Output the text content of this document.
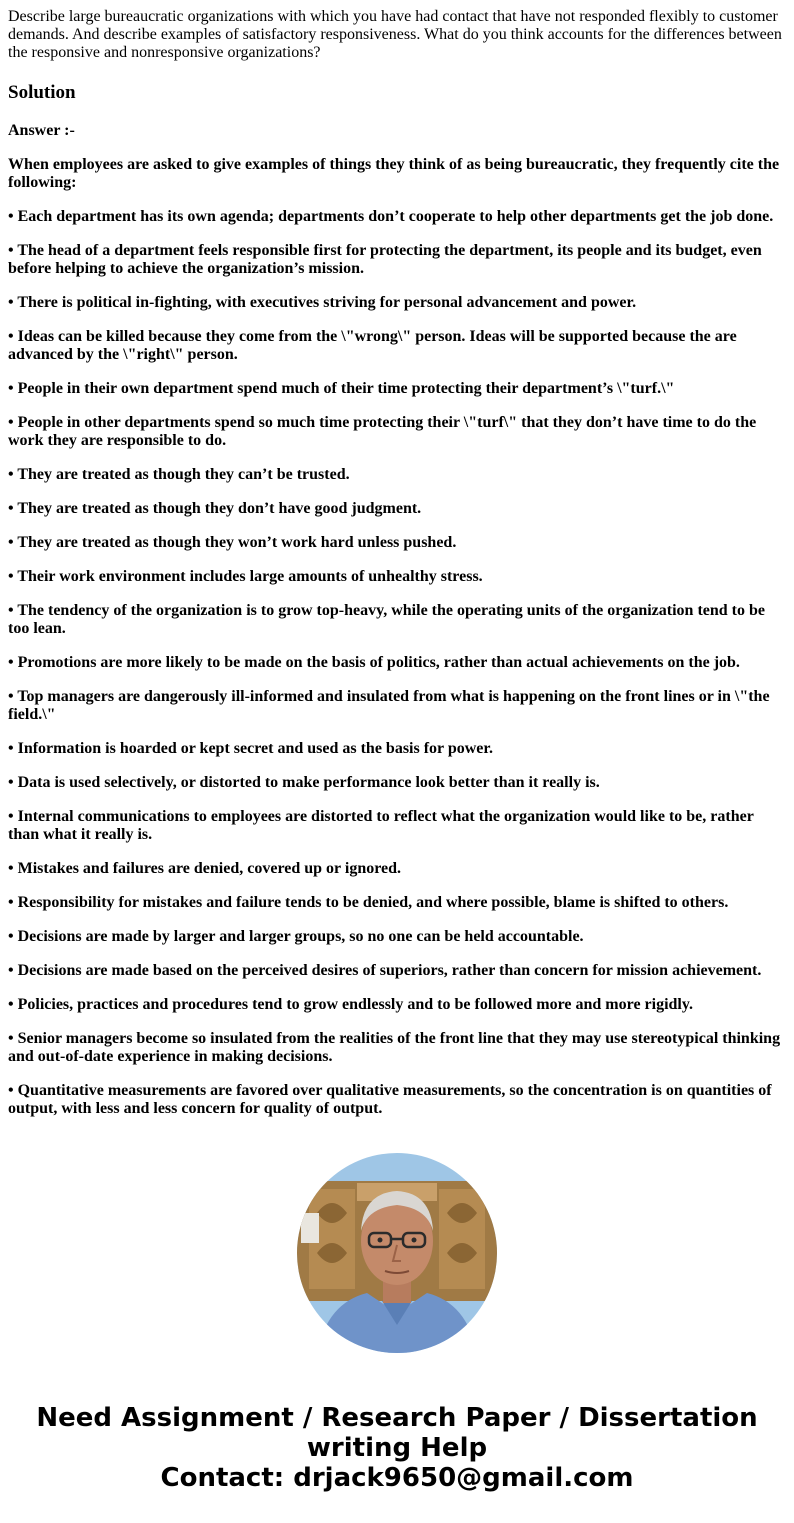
Describe large bureaucratic organizations with which you have had contact that have not responded flexibly to customer demands. And describe examples of satisfactory responsiveness. What do you think accounts for the differences between the responsive and nonresponsive organizations?

Solution

Answer :-

When employees are asked to give examples of things they think of as being bureaucratic, they frequently cite the following:

• Each department has its own agenda; departments don’t cooperate to help other departments get the job done.

• The head of a department feels responsible first for protecting the department, its people and its budget, even before helping to achieve the organization’s mission.

• There is political in-fighting, with executives striving for personal advancement and power.

• Ideas can be killed because they come from the \"wrong\" person. Ideas will be supported because the are advanced by the \"right\" person.

• People in their own department spend much of their time protecting their department’s \"turf.\"

• People in other departments spend so much time protecting their \"turf\" that they don’t have time to do the work they are responsible to do.

• They are treated as though they can’t be trusted.

• They are treated as though they don’t have good judgment.

• They are treated as though they won’t work hard unless pushed.

• Their work environment includes large amounts of unhealthy stress.

• The tendency of the organization is to grow top-heavy, while the operating units of the organization tend to be too lean.

• Promotions are more likely to be made on the basis of politics, rather than actual achievements on the job.

• Top managers are dangerously ill-informed and insulated from what is happening on the front lines or in \"the field.\"

• Information is hoarded or kept secret and used as the basis for power.

• Data is used selectively, or distorted to make performance look better than it really is.

• Internal communications to employees are distorted to reflect what the organization would like to be, rather than what it really is.

• Mistakes and failures are denied, covered up or ignored.

• Responsibility for mistakes and failure tends to be denied, and where possible, blame is shifted to others.

• Decisions are made by larger and larger groups, so no one can be held accountable.

• Decisions are made based on the perceived desires of superiors, rather than concern for mission achievement.

• Policies, practices and procedures tend to grow endlessly and to be followed more and more rigidly.

• Senior managers become so insulated from the realities of the front line that they may use stereotypical thinking and out-of-date experience in making decisions.

• Quantitative measurements are favored over qualitative measurements, so the concentration is on quantities of output, with less and less concern for quality of output.

Need Assignment / Research Paper / Dissertation
writing Help
Contact: drjack9650@gmail.com
